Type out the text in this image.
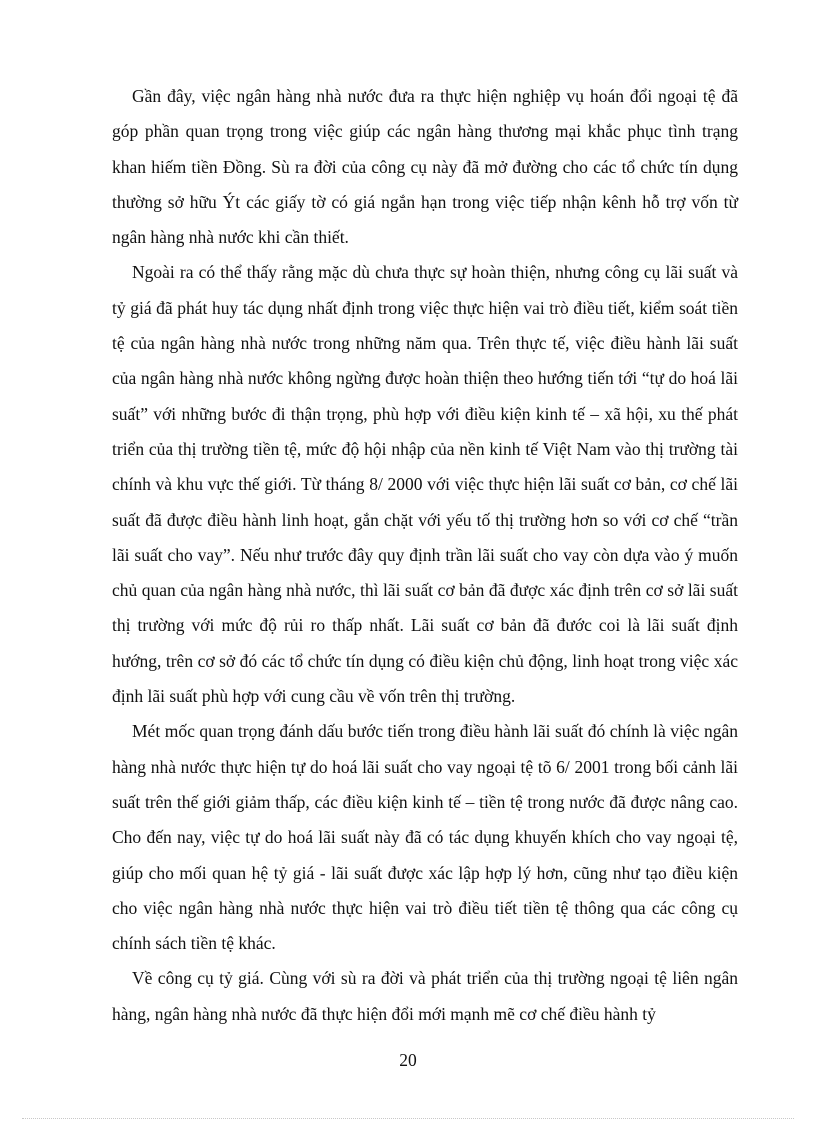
Gần đây, việc ngân hàng nhà nước đưa ra thực hiện nghiệp vụ hoán đổi ngoại tệ đã góp phần quan trọng trong việc giúp các ngân hàng thương mại khắc phục tình trạng khan hiếm tiền Đồng. Sù ra đời của công cụ này đã mở đường cho các tổ chức tín dụng thường sở hữu Ýt các giấy tờ có giá ngắn hạn trong việc tiếp nhận kênh hỗ trợ vốn từ ngân hàng nhà nước khi cần thiết.

Ngoài ra có thể thấy rằng mặc dù chưa thực sự hoàn thiện, nhưng công cụ lãi suất và tỷ giá đã phát huy tác dụng nhất định trong việc thực hiện vai trò điều tiết, kiểm soát tiền tệ của ngân hàng nhà nước trong những năm qua. Trên thực tế, việc điều hành lãi suất của ngân hàng nhà nước không ngừng được hoàn thiện theo hướng tiến tới “tự do hoá lãi suất” với những bước đi thận trọng, phù hợp với điều kiện kinh tế – xã hội, xu thế phát triển của thị trường tiền tệ, mức độ hội nhập của nền kinh tế Việt Nam vào thị trường tài chính và khu vực thế giới. Từ tháng 8/ 2000 với việc thực hiện lãi suất cơ bản, cơ chế lãi suất đã được điều hành linh hoạt, gắn chặt với yếu tố thị trường hơn so với cơ chế “trần lãi suất cho vay”. Nếu như trước đây quy định trần lãi suất cho vay còn dựa vào ý muốn chủ quan của ngân hàng nhà nước, thì lãi suất cơ bản đã được xác định trên cơ sở lãi suất thị trường với mức độ rủi ro thấp nhất. Lãi suất cơ bản đã đước coi là lãi suất định hướng, trên cơ sở đó các tổ chức tín dụng có điều kiện chủ động, linh hoạt trong việc xác định lãi suất phù hợp với cung cầu về vốn trên thị trường.

Mét mốc quan trọng đánh dấu bước tiến trong điều hành lãi suất đó chính là việc ngân hàng nhà nước thực hiện tự do hoá lãi suất cho vay ngoại tệ tõ 6/ 2001 trong bối cảnh lãi suất trên thế giới giảm thấp, các điều kiện kinh tế – tiền tệ trong nước đã được nâng cao. Cho đến nay, việc tự do hoá lãi suất này đã có tác dụng khuyến khích cho vay ngoại tệ, giúp cho mối quan hệ tỷ giá - lãi suất được xác lập hợp lý hơn, cũng như tạo điều kiện cho việc ngân hàng nhà nước thực hiện vai trò điều tiết tiền tệ thông qua các công cụ chính sách tiền tệ khác.

Về công cụ tỷ giá. Cùng với sù ra đời và phát triển của thị trường ngoại tệ liên ngân hàng, ngân hàng nhà nước đã thực hiện đổi mới mạnh mẽ cơ chế điều hành tỷ

20
